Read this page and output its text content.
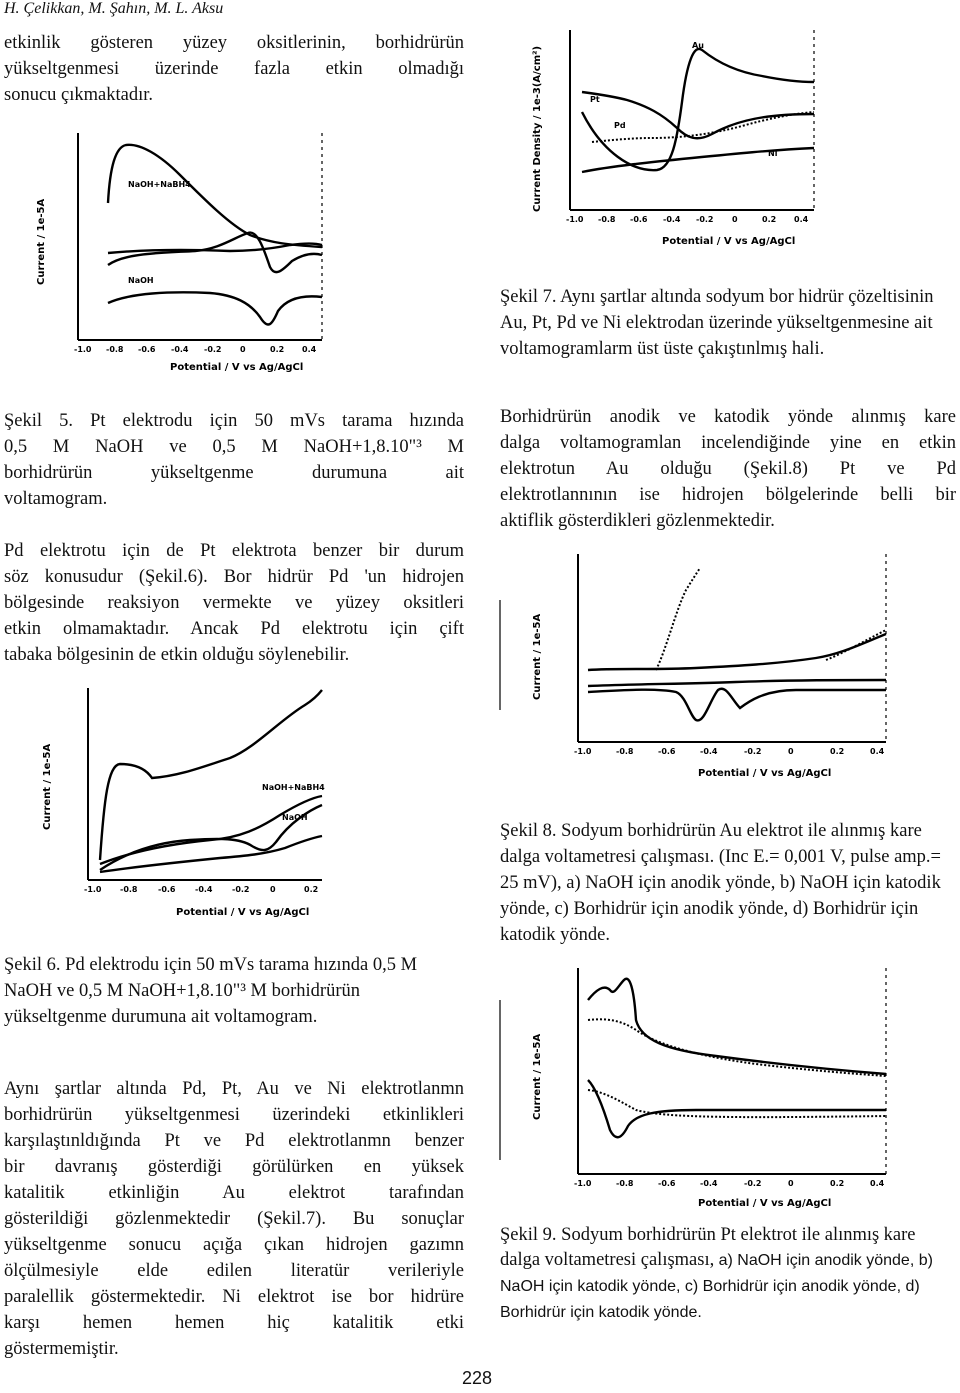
H. Çelikkan, M. Şahın, M. L. Aksu
etkinlik gösteren yüzey oksitlerinin, borhidrürün
yükseltgenmesi üzerinde fazla etkin olmadığı
sonucu çıkmaktadır.
Current / 1e-5A
Potential / V vs Ag/AgCl
-1.0 -0.8 -0.6 -0.4 -0.2 0	0.2 0.4
NaOH+NaBH4
NaOH
Şekil 5. Pt elektrodu için 50 mVs tarama hızında
0,5 M NaOH ve 0,5 M NaOH+1,8.10"³ M
borhidrürün yükseltgenme durumuna ait
voltamogram.
Pd elektrotu için de Pt elektrota benzer bir durum
söz konusudur (Şekil.6). Bor hidrür Pd 'un hidrojen
bölgesinde reaksiyon vermekte ve yüzey oksitleri
etkin olmamaktadır. Ancak Pd elektrotu için çift
tabaka bölgesinin de etkin olduğu söylenebilir.
Current / 1e-5A
Potential / V vs Ag/AgCl
-1.0 -0.8	-0.6 -0.4 -0.2	0	0.2
NaOH+NaBH4
NaOH
Şekil 6. Pd elektrodu için 50 mVs tarama hızında 0,5 M NaOH ve 0,5 M NaOH+1,8.10"³ M borhidrürün yükseltgenme durumuna ait voltamogram.
Aynı şartlar altında Pd, Pt, Au ve Ni elektrotlanmn
borhidrürün yükseltgenmesi üzerindeki etkinlikleri
karşılaştınldığında Pt ve Pd elektrotlanmn benzer
bir davranış gösterdiği görülürken en yüksek
katalitik etkinliğin Au elektrot tarafından
gösterildiği gözlenmektedir (Şekil.7). Bu sonuçlar
yükseltgenme sonucu açığa çıkan hidrojen gazımn
ölçülmesiyle elde edilen literatür verileriyle
paralellik göstermektedir. Ni elektrot ise bor hidrüre
karşı hemen hemen hiç katalitik etki
göstermemiştir.
Current Density / 1e-3(A/cm²)
Potential / V vs Ag/AgCl
-1.0 -0.8 -0.6 -0.4 -0.2 0	0.2 0.4
Au
Pt
Pd
Ni
Şekil 7. Aynı şartlar altında sodyum bor hidrür çözeltisinin Au, Pt, Pd ve Ni elektrodan üzerinde yükseltgenmesine ait voltamogramlarm üst üste çakıştınlmış hali.
Borhidrürün anodik ve katodik yönde alınmış kare
dalga voltamogramlan incelendiğinde yine en etkin
elektrotun Au olduğu (Şekil.8) Pt ve Pd
elektrotlannının ise hidrojen bölgelerinde belli bir
aktiflik gösterdikleri gözlenmektedir.
Current / 1e-5A
Potential / V vs Ag/AgCl
-1.0	-0.8	-0.6	-0.4	-0.2	0	0.2	0.4
Şekil 8. Sodyum borhidrürün Au elektrot ile alınmış kare dalga voltametresi çalışması. (Inc E.= 0,001 V, pulse amp.= 25 mV), a) NaOH için anodik yönde, b) NaOH için katodik yönde, c) Borhidrür için anodik yönde, d) Borhidrür için katodik yönde.
Current / 1e-5A
Potential / V vs Ag/AgCl
-1.0	-0.8	-0.6	-0.4	-0.2	0	0.2	0.4
Şekil 9. Sodyum borhidrürün Pt elektrot ile alınmış kare dalga voltametresi çalışması, a) NaOH için anodik yönde, b) NaOH için katodik yönde, c) Borhidrür için anodik yönde, d) Borhidrür için katodik yönde.
228
